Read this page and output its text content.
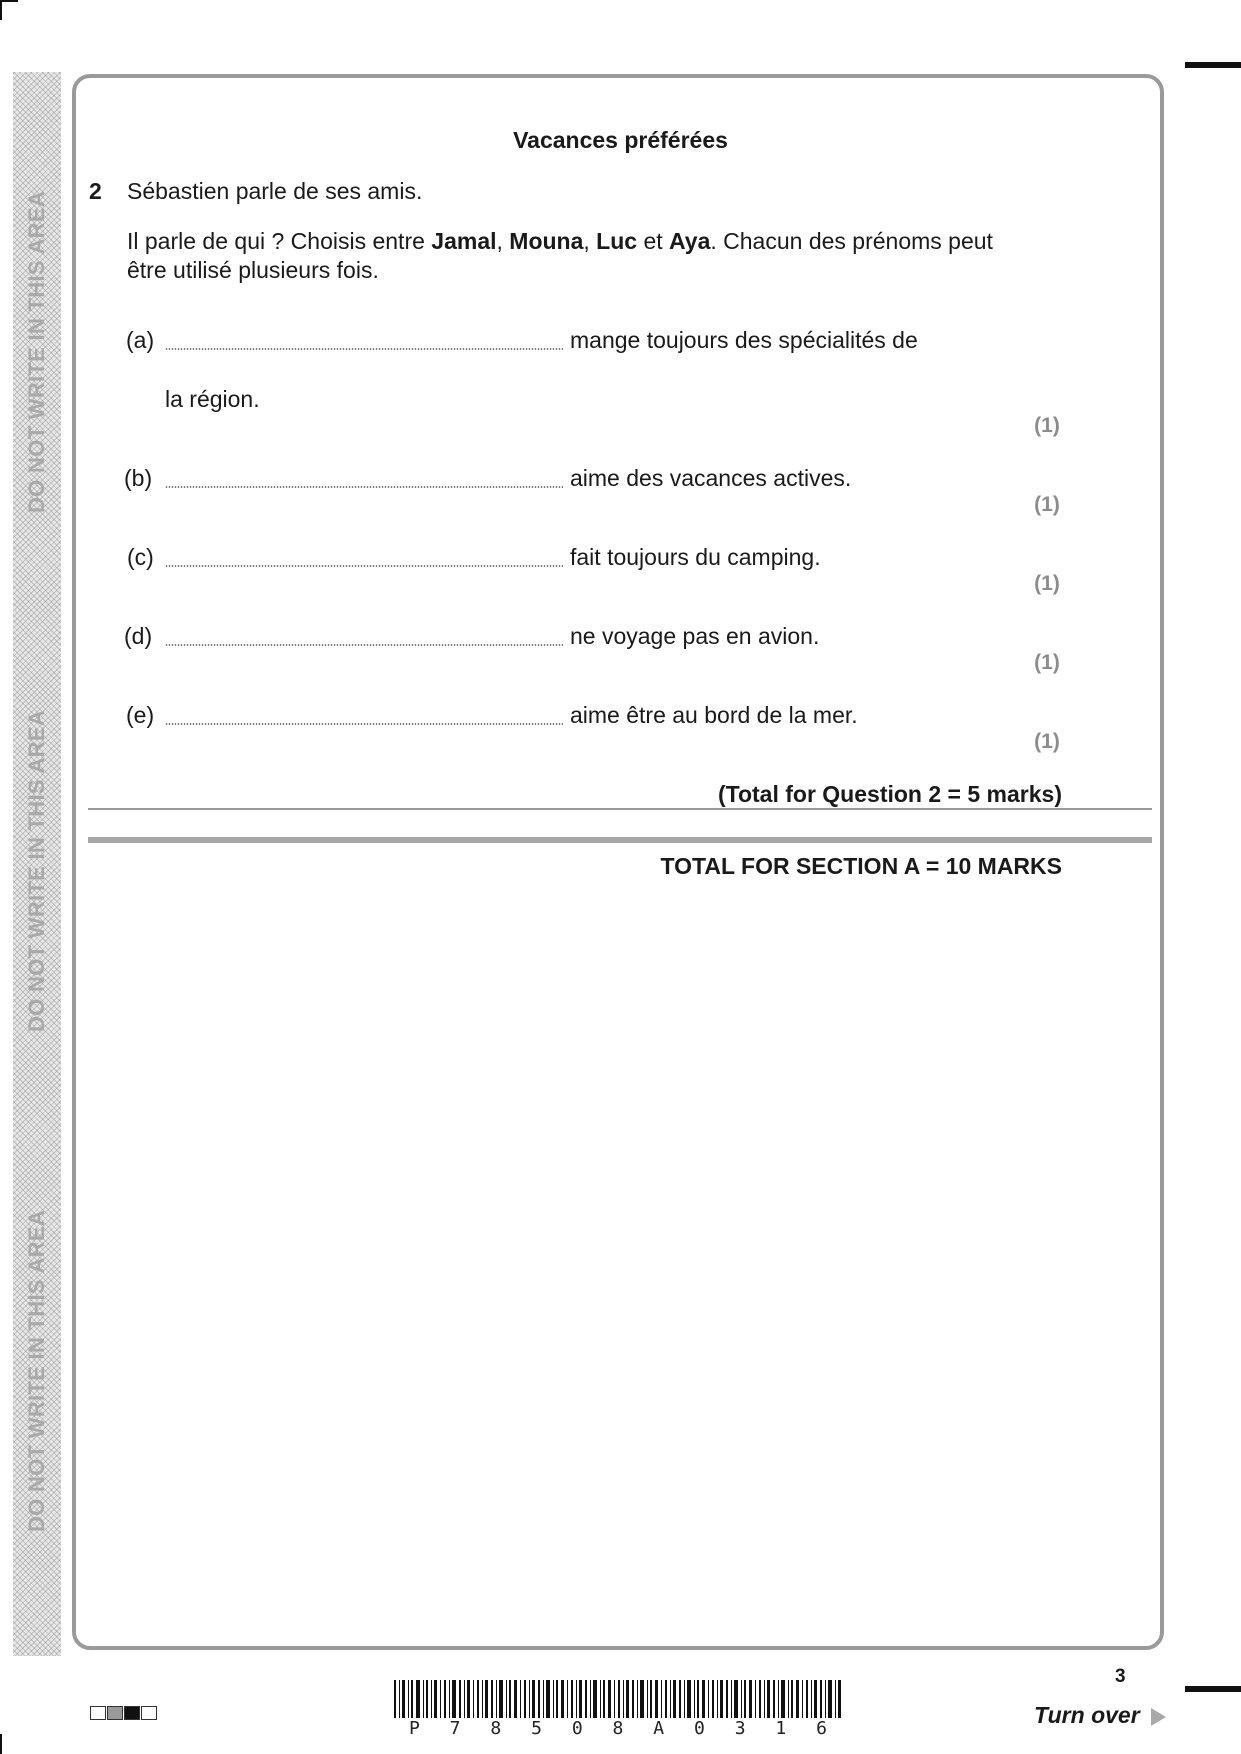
DO NOT WRITE IN THIS AREA
DO NOT WRITE IN THIS AREA
DO NOT WRITE IN THIS AREA
Vacances préférées
2 Sébastien parle de ses amis.
Il parle de qui ? Choisis entre Jamal, Mouna, Luc et Aya. Chacun des prénoms peut
être utilisé plusieurs fois.
(a)	mange toujours des spécialités de
la région.
(1)
(b)	aime des vacances actives.
(1)
(c)	fait toujours du camping.
(1)
(d)	ne voyage pas en avion.
(1)
(e)	aime être au bord de la mer.
(1)
(Total for Question 2 = 5 marks)
TOTAL FOR SECTION A = 10 MARKS
P 7 8 5 0 8 A 0 3 1 6
3
Turn over
